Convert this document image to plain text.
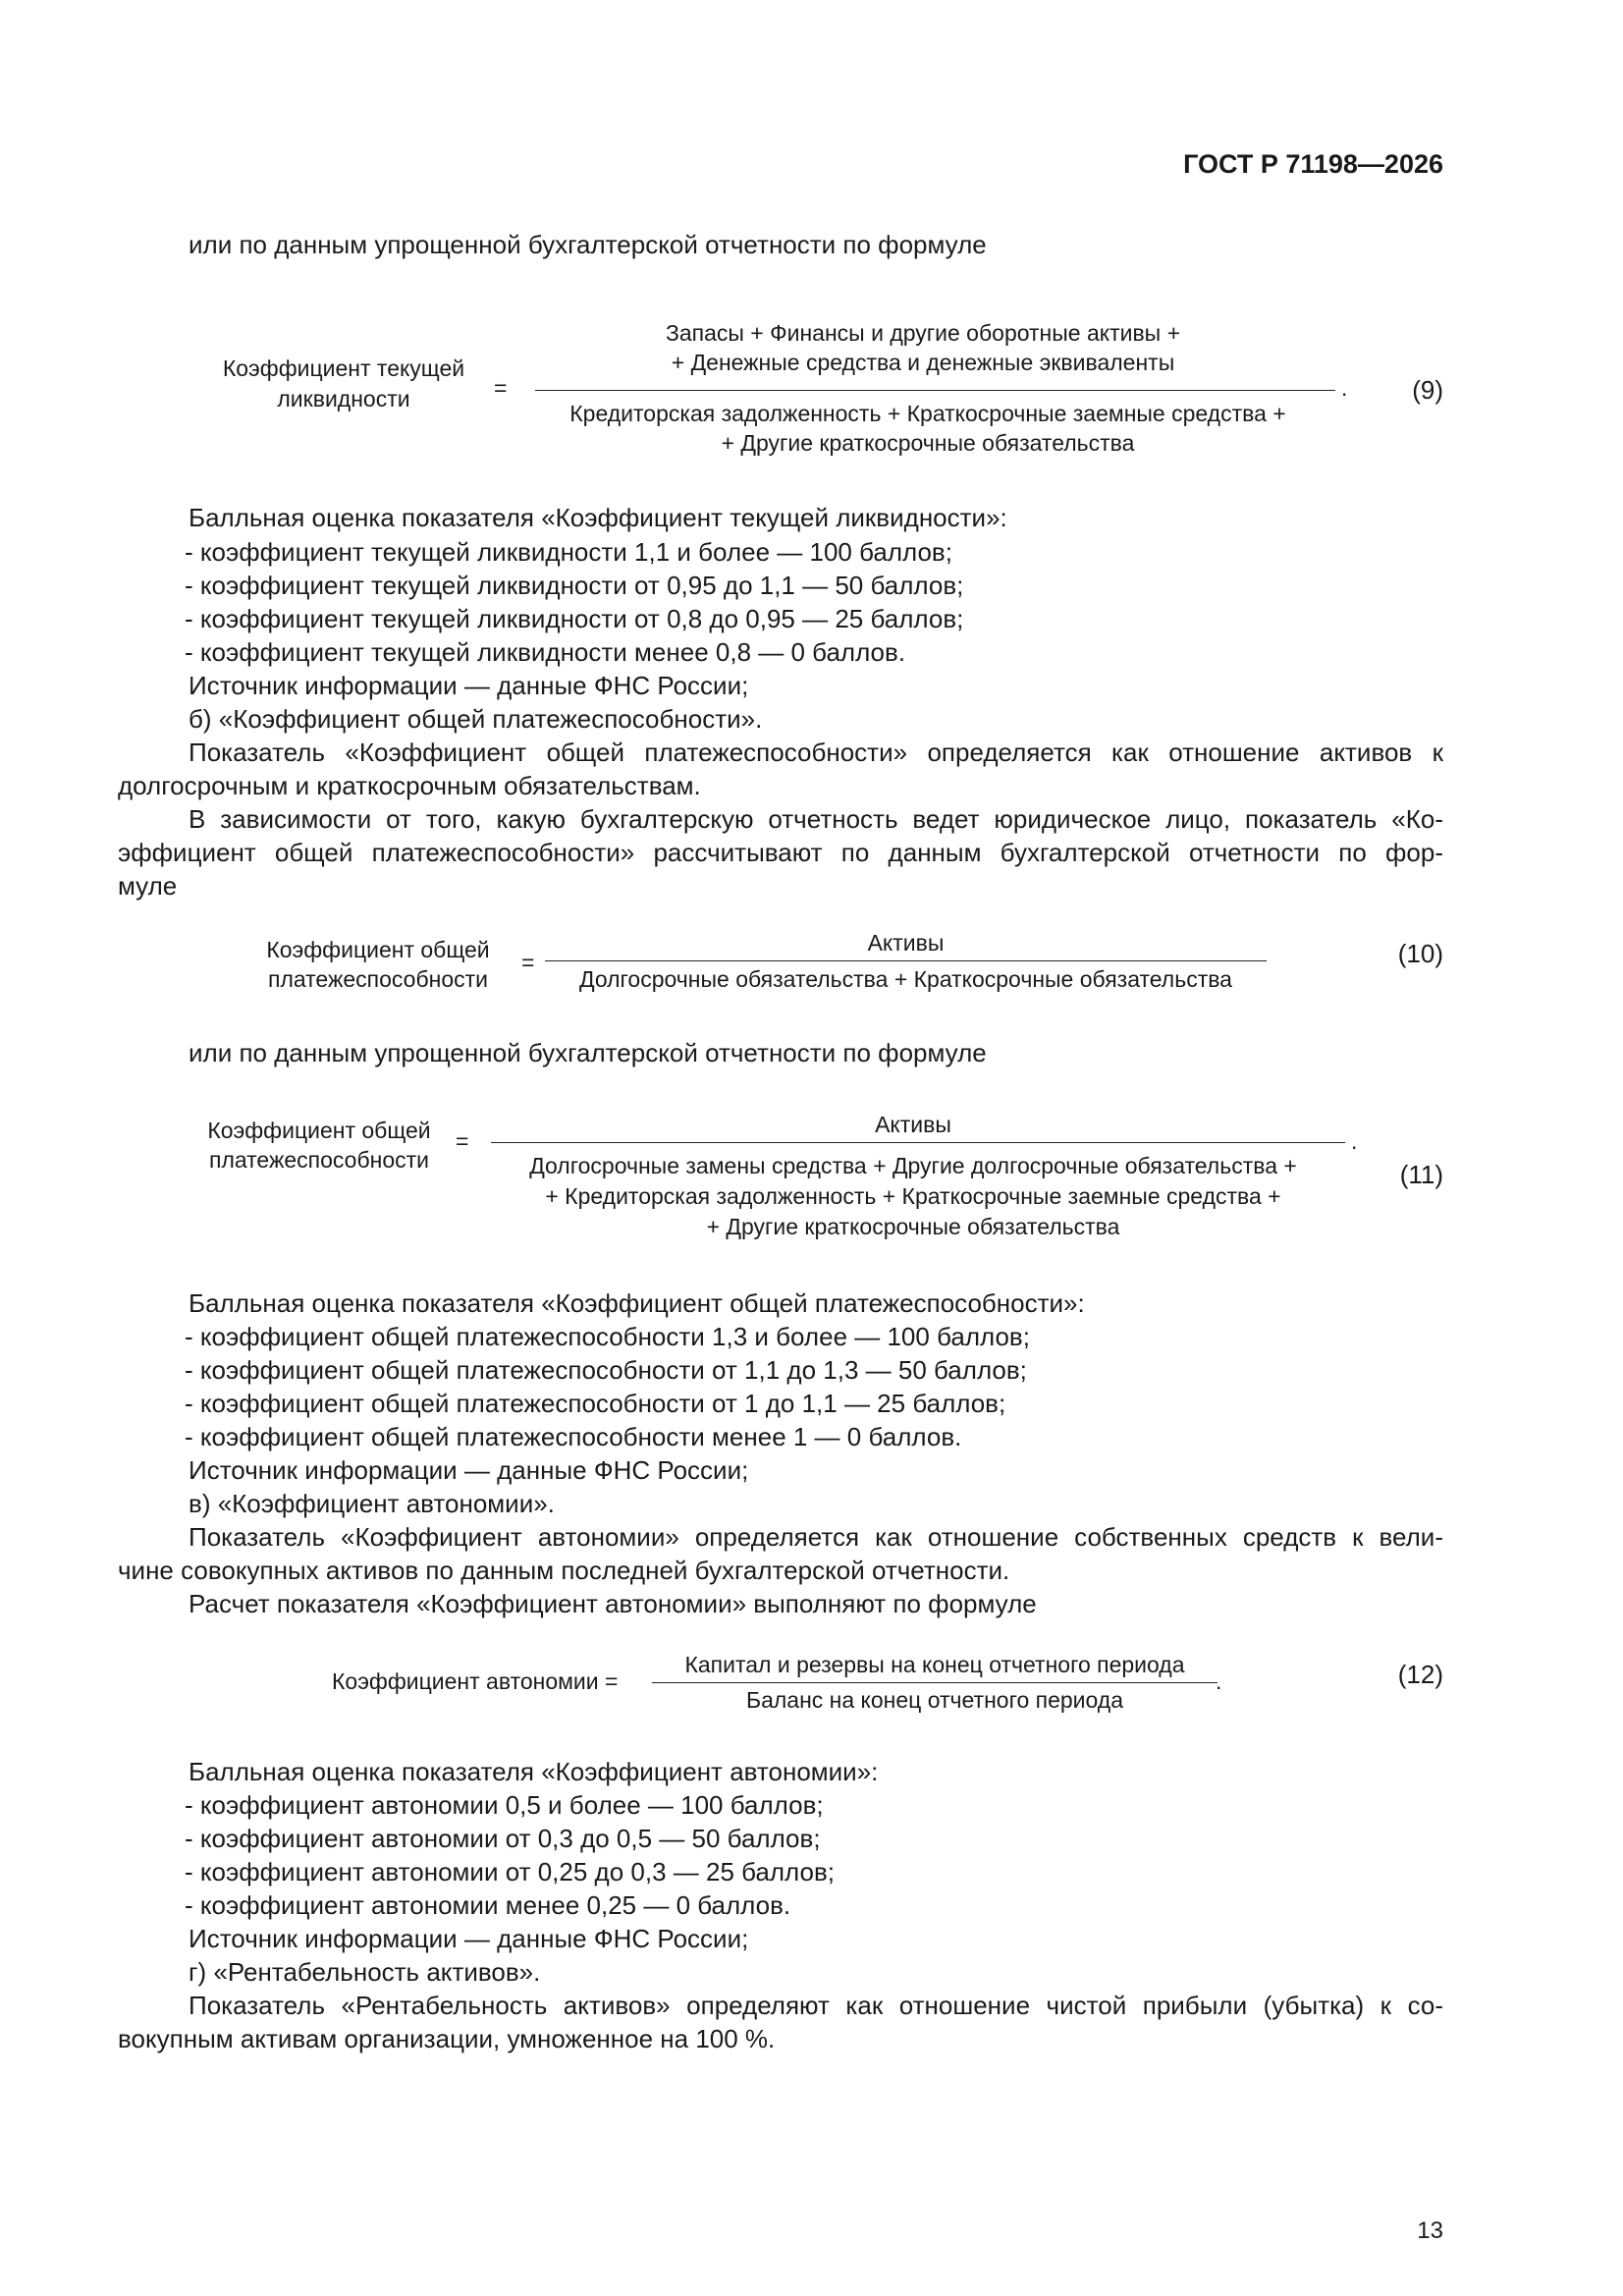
ГОСТ Р 71198—2026
или по данным упрощенной бухгалтерской отчетности по формуле
Коэффициент текущей
ликвидности	=
Запасы + Финансы и другие оборотные активы +
+ Денежные средства и денежные эквиваленты
.
Кредиторская задолженность + Краткосрочные заемные средства +
+ Другие краткосрочные обязательства
(9)
Балльная оценка показателя «Коэффициент текущей ликвидности»:
- коэффициент текущей ликвидности 1,1 и более — 100 баллов;
- коэффициент текущей ликвидности от 0,95 до 1,1 — 50 баллов;
- коэффициент текущей ликвидности от 0,8 до 0,95 — 25 баллов;
- коэффициент текущей ликвидности менее 0,8 — 0 баллов.
Источник информации — данные ФНС России;
б) «Коэффициент общей платежеспособности».
Показатель «Коэффициент общей платежеспособности» определяется как отношение активов к
долгосрочным и краткосрочным обязательствам.
В зависимости от того, какую бухгалтерскую отчетность ведет юридическое лицо, показатель «Ко-
эффициент общей платежеспособности» рассчитывают по данным бухгалтерской отчетности по фор-
муле
Коэффициент общей
платежеспособности
=
Активы
Долгосрочные обязательства + Краткосрочные обязательства
(10)
или по данным упрощенной бухгалтерской отчетности по формуле
Коэффициент общей
платежеспособности
=
Активы
.
Долгосрочные замены средства + Другие долгосрочные обязательства +
+ Кредиторская задолженность + Краткосрочные заемные средства +
+ Другие краткосрочные обязательства
(11)
Балльная оценка показателя «Коэффициент общей платежеспособности»:
- коэффициент общей платежеспособности 1,3 и более — 100 баллов;
- коэффициент общей платежеспособности от 1,1 до 1,3 — 50 баллов;
- коэффициент общей платежеспособности от 1 до 1,1 — 25 баллов;
- коэффициент общей платежеспособности менее 1 — 0 баллов.
Источник информации — данные ФНС России;
в) «Коэффициент автономии».
Показатель «Коэффициент автономии» определяется как отношение собственных средств к вели-
чине совокупных активов по данным последней бухгалтерской отчетности.
Расчет показателя «Коэффициент автономии» выполняют по формуле
Коэффициент автономии =
Капитал и резервы на конец отчетного периода
.
Баланс на конец отчетного периода
(12)
Балльная оценка показателя «Коэффициент автономии»:
- коэффициент автономии 0,5 и более — 100 баллов;
- коэффициент автономии от 0,3 до 0,5 — 50 баллов;
- коэффициент автономии от 0,25 до 0,3 — 25 баллов;
- коэффициент автономии менее 0,25 — 0 баллов.
Источник информации — данные ФНС России;
г) «Рентабельность активов».
Показатель «Рентабельность активов» определяют как отношение чистой прибыли (убытка) к со-
вокупным активам организации, умноженное на 100 %.
13
